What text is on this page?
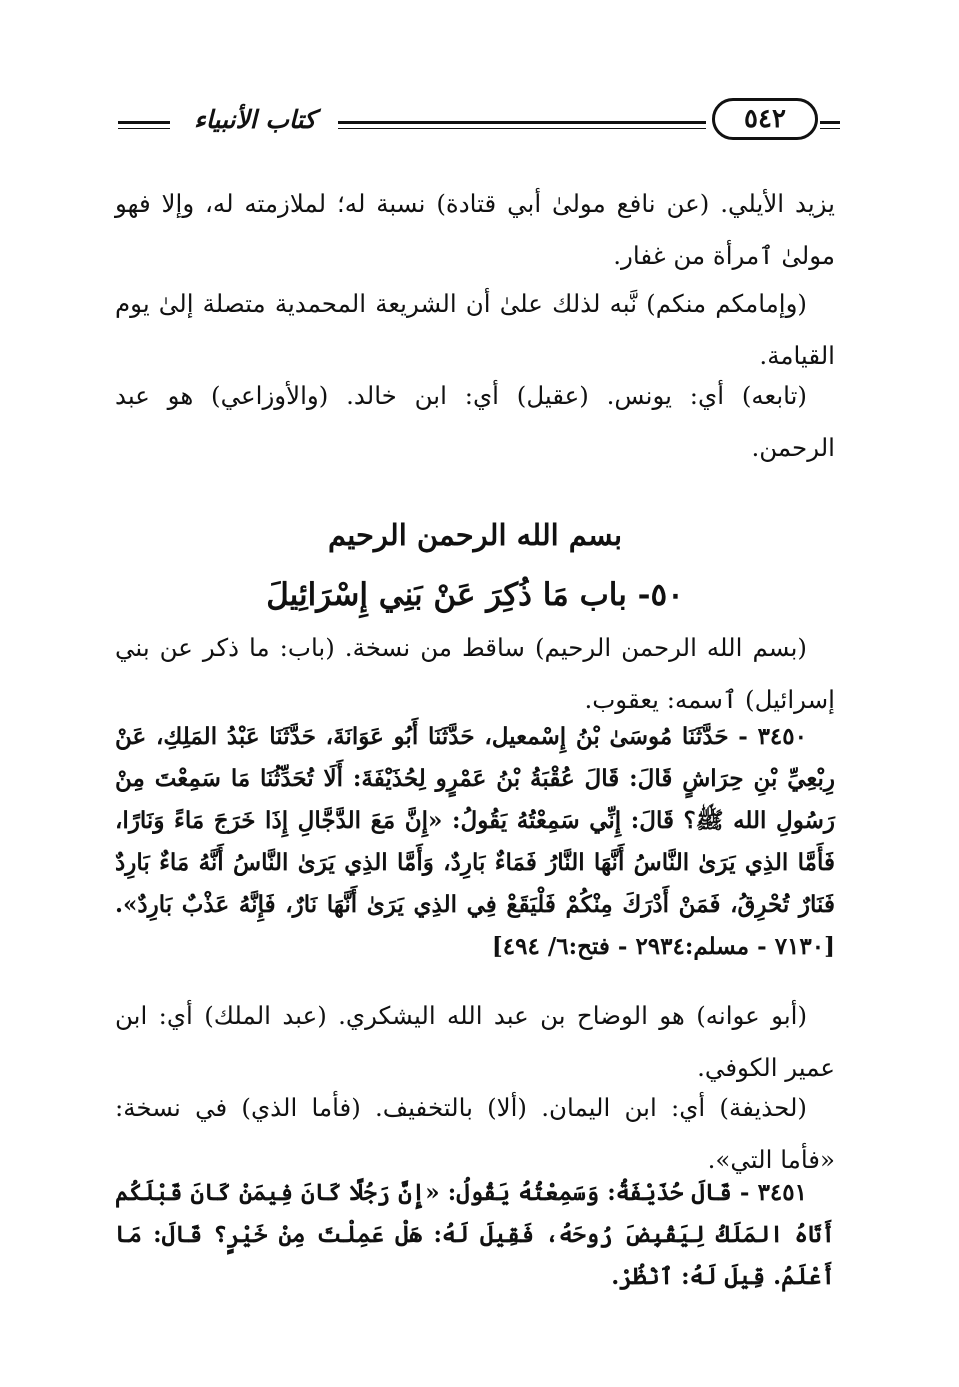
كتاب الأنبياء	٥٤٢
يزيد الأيلي. (عن نافع مولىٰ أبي قتادة) نسبة له؛ لملازمته له، وإلا فهو مولىٰ ٱمرأة من غفار.
(وإمامكم منكم) نَّبه لذلك علىٰ أن الشريعة المحمدية متصلة إلىٰ يوم القيامة.
(تابعه) أي: يونس. (عقيل) أي: ابن خالد. (والأوزاعي) هو عبد الرحمن.
بسم الله الرحمن الرحيم
٥٠- باب مَا ذُكِرَ عَنْ بَنِي إِسْرَائِيلَ
(بسم الله الرحمن الرحيم) ساقط من نسخة. (باب: ما ذكر عن بني إسرائيل) ٱسمه: يعقوب.
٣٤٥٠ - حَدَّثَنَا مُوسَىٰ بْنُ إِسْمعيل، حَدَّثَنَا أَبُو عَوَانَةَ، حَدَّثَنَا عَبْدُ المَلِكِ، عَنْ رِبْعِيِّ بْنِ حِرَاشٍ قَالَ: قَالَ عُقْبَةُ بْنُ عَمْرٍو لِحُذَيْفَةَ: أَلَا تُحَدِّثُنَا مَا سَمِعْتَ مِنْ رَسُولِ الله ﷺ؟ قَالَ: إِنِّي سَمِعْتُهُ يَقُولُ: «إِنَّ مَعَ الدَّجَّالِ إِذَا خَرَجَ مَاءً وَنَارًا، فَأَمَّا الذِي يَرَىٰ النَّاسُ أَنَّهَا النَّارُ فَمَاءٌ بَارِدٌ، وَأَمَّا الذِي يَرَىٰ النَّاسُ أَنَّهُ مَاءٌ بَارِدٌ فَنَارٌ تُحْرِقُ، فَمَنْ أَدْرَكَ مِنْكُمْ فَلْيَقَعْ فِي الذِي يَرَىٰ أَنَّهَا نَارٌ، فَإِنَّهُ عَذْبٌ بَارِدٌ». [٧١٣٠ - مسلم:٢٩٣٤ - فتح:٦/ ٤٩٤]
(أبو عوانه) هو الوضاح بن عبد الله اليشكري. (عبد الملك) أي: ابن عمير الكوفي.
(لحذيفة) أي: ابن اليمان. (ألا) بالتخفيف. (فأما الذي) في نسخة: «فأما التي».
٣٤٥١ - قَالَ حُذَيْفَةُ: وَسَمِعْتُهُ يَقُولُ: «إِنَّ رَجُلًا كَانَ فِيمَنْ كَانَ قَبْلَكُم أَتَاهُ المَلَكُ لِيَقْبِضَ رُوحَهُ، فَقِيلَ لَهُ: هَلْ عَمِلْتَ مِنْ خَيْرٍ؟ قَالَ: مَا أَعْلَمُ. قِيلَ لَهُ: ٱنْظُرْ.
